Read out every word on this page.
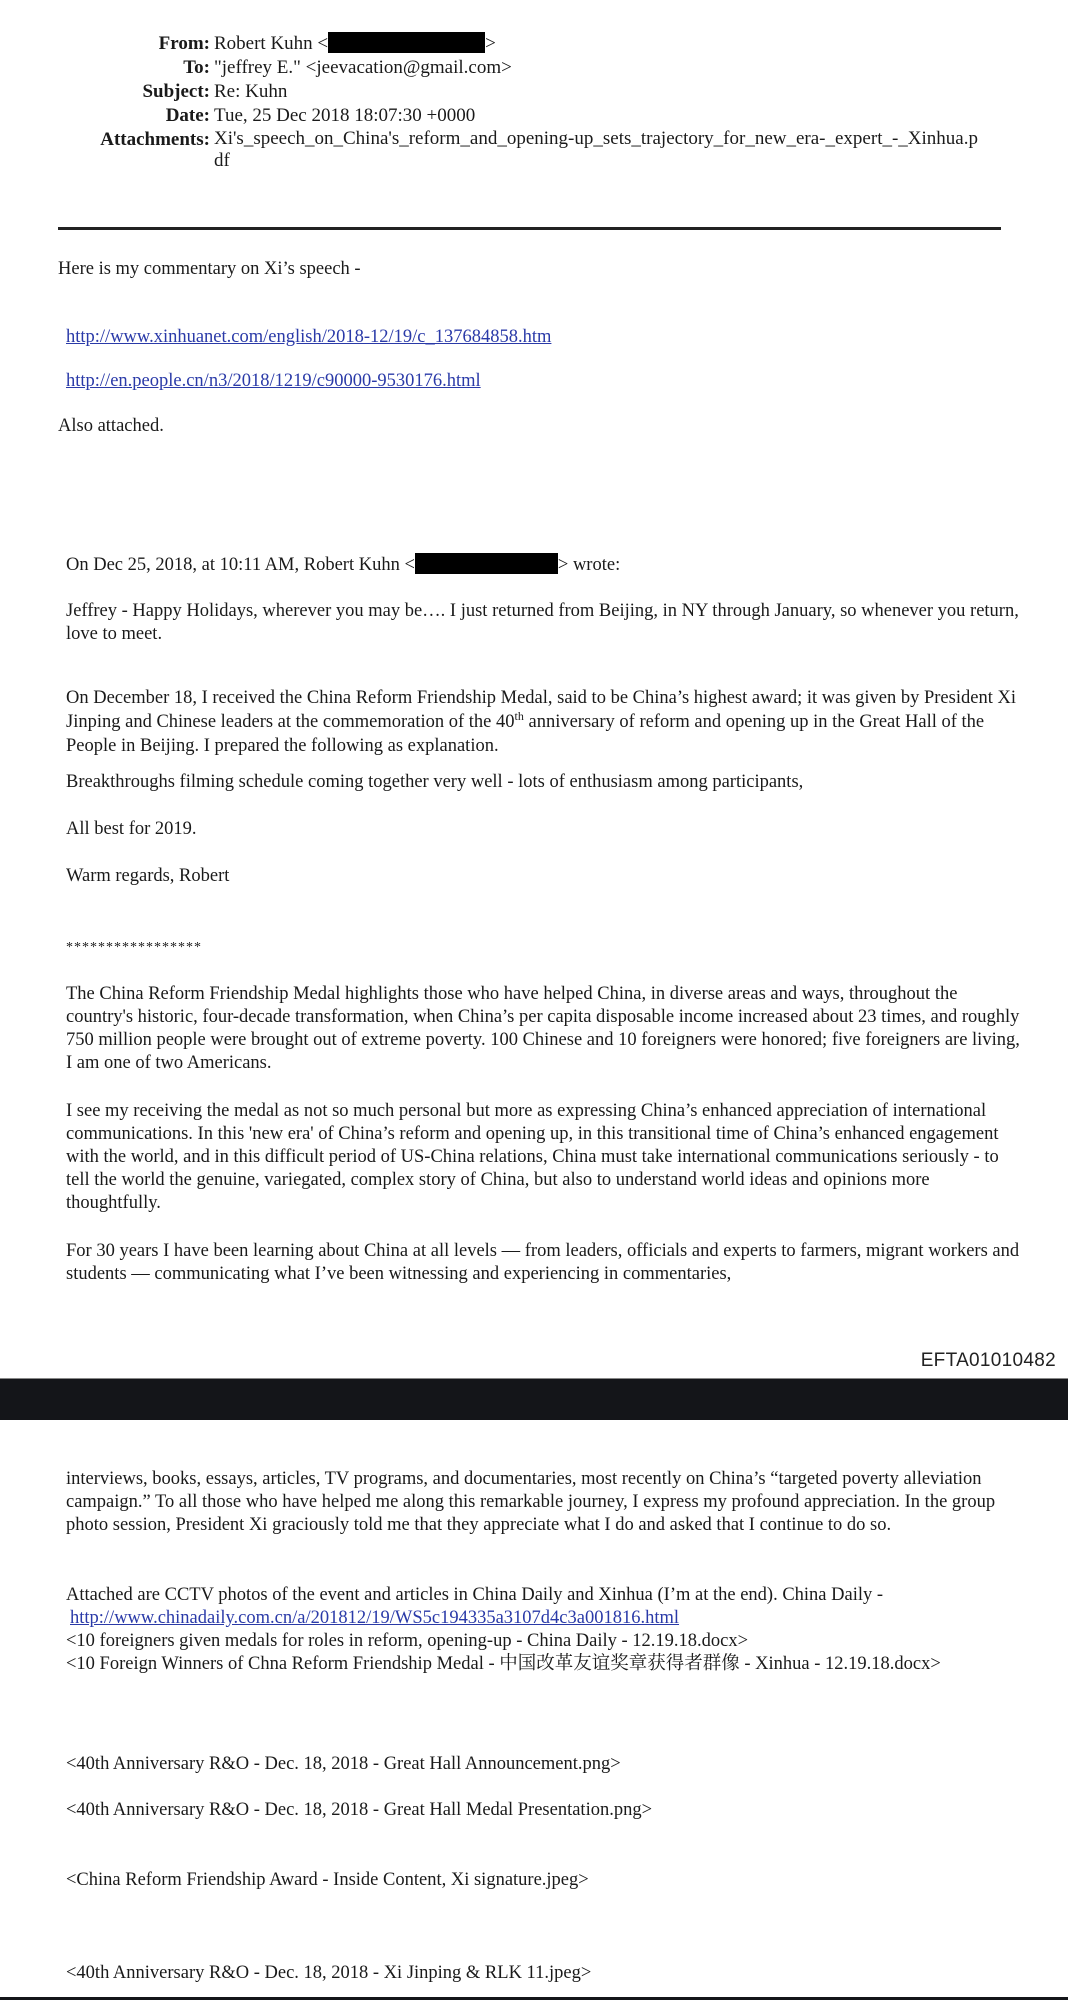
From: Robert Kuhn <	>
To: "jeffrey E." <jeevacation@gmail.com>
Subject: Re: Kuhn
Date: Tue, 25 Dec 2018 18:07:30 +0000
Attachments: Xi's_speech_on_China's_reform_and_opening-up_sets_trajectory_for_new_era-_expert_-_Xinhua.pdf
Here is my commentary on Xi’s speech -
http://www.xinhuanet.com/english/2018-12/19/c_137684858.htm
http://en.people.cn/n3/2018/1219/c90000-9530176.html
Also attached.
On Dec 25, 2018, at 10:11 AM, Robert Kuhn <	> wrote:
Jeffrey - Happy Holidays, wherever you may be…. I just returned from Beijing, in NY through January, so whenever you return, love to meet.
On December 18, I received the China Reform Friendship Medal, said to be China’s highest award; it was given by President Xi Jinping and Chinese leaders at the commemoration of the 40th anniversary of reform and opening up in the Great Hall of the People in Beijing. I prepared the following as explanation.
Breakthroughs filming schedule coming together very well - lots of enthusiasm among participants,
All best for 2019.
Warm regards, Robert
*****************
The China Reform Friendship Medal highlights those who have helped China, in diverse areas and ways, throughout the country's historic, four-decade transformation, when China’s per capita disposable income increased about 23 times, and roughly 750 million people were brought out of extreme poverty. 100 Chinese and 10 foreigners were honored; five foreigners are living, I am one of two Americans.
I see my receiving the medal as not so much personal but more as expressing China’s enhanced appreciation of international communications. In this 'new era' of China’s reform and opening up, in this transitional time of China’s enhanced engagement with the world, and in this difficult period of US-China relations, China must take international communications seriously - to tell the world the genuine, variegated, complex story of China, but also to understand world ideas and opinions more thoughtfully.
For 30 years I have been learning about China at all levels — from leaders, officials and experts to farmers, migrant workers and students — communicating what I’ve been witnessing and experiencing in commentaries,
EFTA01010482
interviews, books, essays, articles, TV programs, and documentaries, most recently on China’s “targeted poverty alleviation campaign.” To all those who have helped me along this remarkable journey, I express my profound appreciation. In the group photo session, President Xi graciously told me that they appreciate what I do and asked that I continue to do so.
Attached are CCTV photos of the event and articles in China Daily and Xinhua (I’m at the end). China Daily -
http://www.chinadaily.com.cn/a/201812/19/WS5c194335a3107d4c3a001816.html
<10 foreigners given medals for roles in reform, opening-up - China Daily - 12.19.18.docx>
<10 Foreign Winners of Chna Reform Friendship Medal - 中国改革友谊奖章获得者群像 - Xinhua - 12.19.18.docx>
<40th Anniversary R&O - Dec. 18, 2018 - Great Hall Announcement.png>
<40th Anniversary R&O - Dec. 18, 2018 - Great Hall Medal Presentation.png>
<China Reform Friendship Award - Inside Content, Xi signature.jpeg>
<40th Anniversary R&O - Dec. 18, 2018 - Xi Jinping & RLK 11.jpeg>
